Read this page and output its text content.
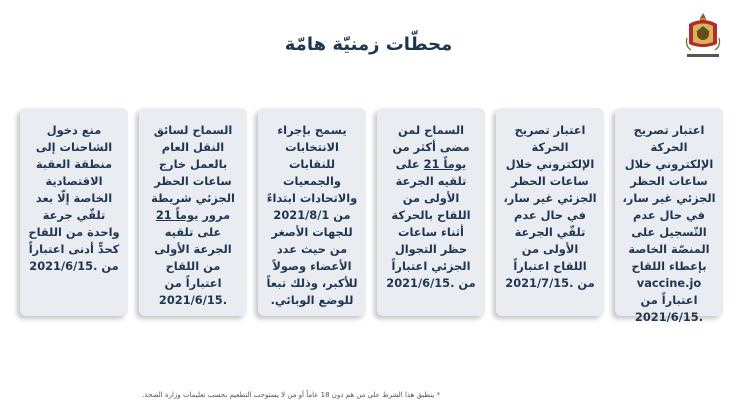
محطّات زمنيّة هامّة

اعتبار تصريح الحركة الإلكتروني خلال ساعات الحظر الجزئي غير سار، في حال عدم التّسجيل على المنصّة الخاصة بإعطاء اللقاح vaccine.jo اعتباراً من 2021/6/15.

اعتبار تصريح الحركة الإلكتروني خلال ساعات الحظر الجزئي غير سار، في حال عدم تلقّي الجرعة الأولى من اللقاح اعتباراً من 2021/7/15.

السماح لمن مضى أكثر من 21 يوماً على تلقيه الجرعة الأولى من اللقاح بالحركة أثناء ساعات حظر التجوال الجزئي اعتباراً من 2021/6/15.

يسمح بإجراء الانتخابات للنقابات والجمعيات والاتحادات ابتداءً من 2021/8/1 للجهات الأصغر من حيث عدد الأعضاء وصولاً للأكبر، وذلك تبعاً للوضع الوبائي.

السماح لسائق النقل العام بالعمل خارج ساعات الحظر الجزئي شريطة مرور 21 يوماً على تلقيه الجرعة الأولى من اللقاح اعتباراً من 2021/6/15.

منع دخول الشاحنات إلى منطقة العقبة الاقتصادية الخاصة إلّا بعد تلقّي جرعة واحدة من اللقاح كحدٍّ أدنى اعتباراً من 2021/6/15.

* ينطبق هذا الشرط على من هم دون 18 عاماً أو من لا يستوجب التطعيم بحسب تعليمات وزارة الصحة.
